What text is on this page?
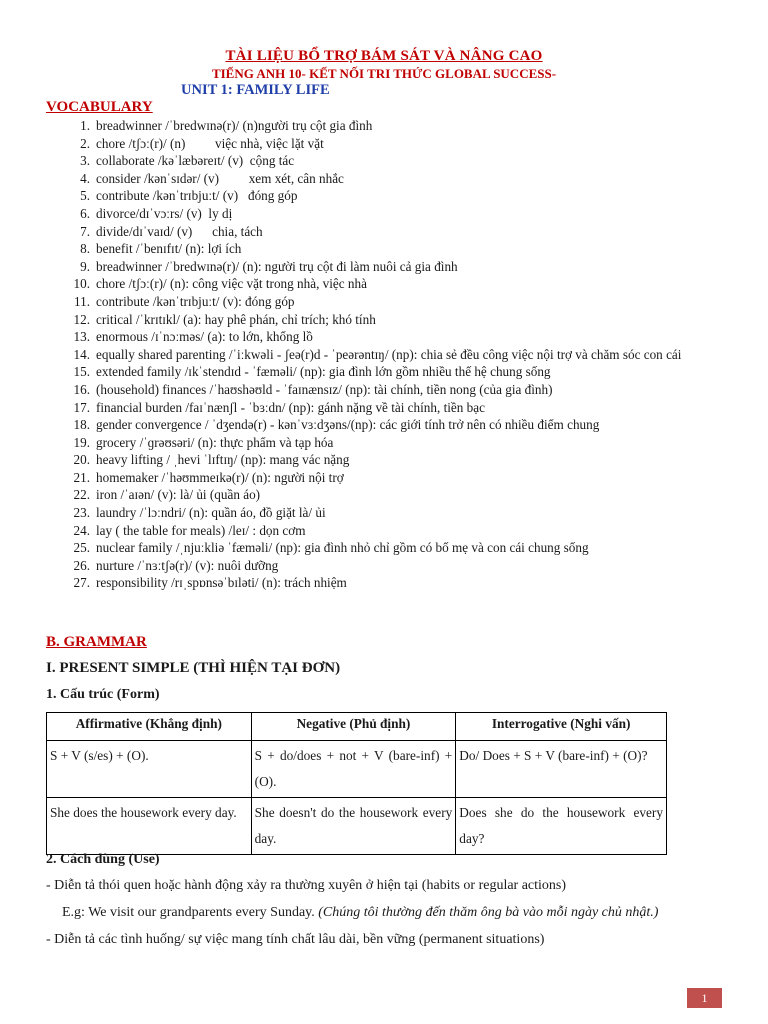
TÀI LIỆU BỔ TRỢ BÁM SÁT VÀ NÂNG CAO
TIẾNG ANH 10- KẾT NỐI TRI THỨC GLOBAL SUCCESS-
UNIT 1: FAMILY LIFE
VOCABULARY
1. breadwinner /ˈbredwɪnə(r)/ (n)người trụ cột gia đình
2. chore /tʃɔː(r)/ (n)         việc nhà, việc lặt vặt
3. collaborate /kəˈlæbəreɪt/ (v)  cộng tác
4. consider /kənˈsɪdər/ (v)         xem xét, cân nhắc
5. contribute /kənˈtrɪbjuːt/ (v)   đóng góp
6. divorce/dɪˈvɔːrs/ (v)  ly dị
7. divide/dɪˈvaɪd/ (v)      chia, tách
8. benefit /ˈbenɪfɪt/ (n): lợi ích
9. breadwinner /ˈbredwɪnə(r)/ (n): người trụ cột đi làm nuôi cả gia đình
10. chore /tʃɔː(r)/ (n): công việc vặt trong nhà, việc nhà
11. contribute /kənˈtrɪbjuːt/ (v): đóng góp
12. critical /ˈkrɪtɪkl/ (a): hay phê phán, chỉ trích; khó tính
13. enormous /ɪˈnɔːməs/ (a): to lớn, khổng lồ
14. equally shared parenting /ˈiːkwəli - ʃeə(r)d - ˈpeərəntɪŋ/ (np): chia sẻ đều công việc nội trợ và chăm sóc con cái
15. extended family /ɪkˈstendɪd - ˈfæməli/ (np): gia đình lớn gồm nhiều thế hệ chung sống
16. (household) finances /ˈhaʊshəʊld - ˈfaɪnænsɪz/ (np): tài chính, tiền nong (của gia đình)
17. financial burden /faɪˈnænʃl - ˈbɜːdn/ (np): gánh nặng về tài chính, tiền bạc
18. gender convergence / ˈdʒendə(r) - kənˈvɜːdʒəns/(np): các giới tính trở nên có nhiều điểm chung
19. grocery /ˈɡrəʊsəri/ (n): thực phẩm và tạp hóa
20. heavy lifting / ˌhevi ˈlɪftɪŋ/ (np): mang vác nặng
21. homemaker /ˈhəʊmmeɪkə(r)/ (n): người nội trợ
22. iron /ˈaɪən/ (v): là/ ủi (quần áo)
23. laundry /ˈlɔːndri/ (n): quần áo, đồ giặt là/ ủi
24. lay ( the table for meals) /leɪ/ : dọn cơm
25. nuclear family /ˌnjuːkliə ˈfæməli/ (np): gia đình nhỏ chỉ gồm có bố mẹ và con cái chung sống
26. nurture /ˈnɜːtʃə(r)/ (v): nuôi dưỡng
27. responsibility /rɪˌspɒnsəˈbɪləti/ (n): trách nhiệm
B. GRAMMAR
I. PRESENT SIMPLE (THÌ HIỆN TẠI ĐƠN)
1. Cấu trúc (Form)
Affirmative (Khẳng định)	Negative (Phủ định)	Interrogative (Nghi vấn)
S + V (s/es) + (O).	S + do/does + not + V (bare-inf) + (O).	Do/ Does + S + V (bare-inf) + (O)?
She does the housework every day.	She doesn't do the housework every day.	Does she do the housework every day?
2. Cách dùng (Use)
- Diễn tả thói quen hoặc hành động xảy ra thường xuyên ở hiện tại (habits or regular actions)
E.g: We visit our grandparents every Sunday. (Chúng tôi thường đến thăm ông bà vào mỗi ngày chủ nhật.)
- Diễn tả các tình huống/ sự việc mang tính chất lâu dài, bền vững (permanent situations)
1
